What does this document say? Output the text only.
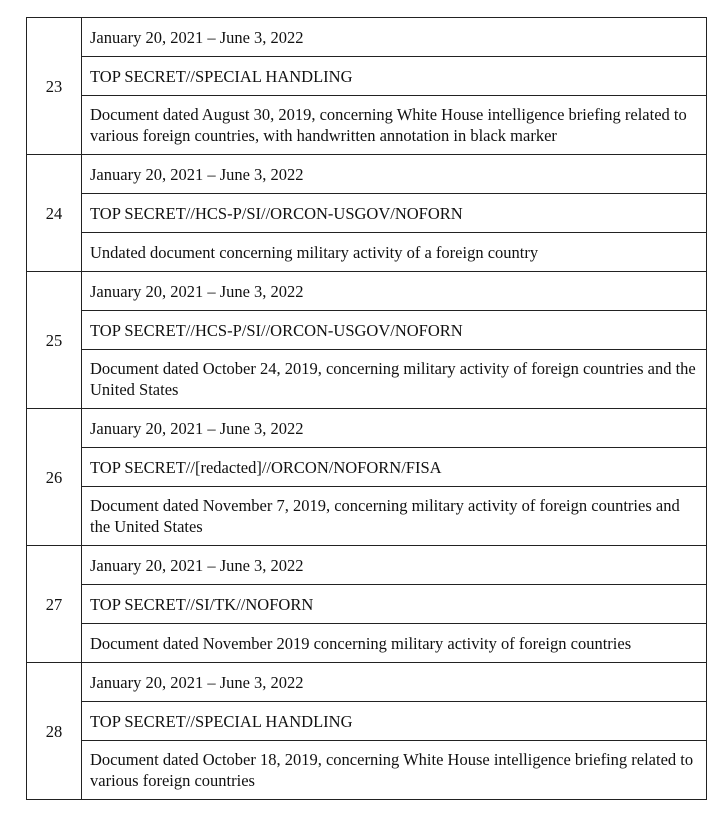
23	January 20, 2021 – June 3, 2022
	TOP SECRET//SPECIAL HANDLING
	Document dated August 30, 2019, concerning White House intelligence briefing related to various foreign countries, with handwritten annotation in black marker
24	January 20, 2021 – June 3, 2022
	TOP SECRET//HCS-P/SI//ORCON-USGOV/NOFORN
	Undated document concerning military activity of a foreign country
25	January 20, 2021 – June 3, 2022
	TOP SECRET//HCS-P/SI//ORCON-USGOV/NOFORN
	Document dated October 24, 2019, concerning military activity of foreign countries and the United States
26	January 20, 2021 – June 3, 2022
	TOP SECRET//[redacted]//ORCON/NOFORN/FISA
	Document dated November 7, 2019, concerning military activity of foreign countries and the United States
27	January 20, 2021 – June 3, 2022
	TOP SECRET//SI/TK//NOFORN
	Document dated November 2019 concerning military activity of foreign countries
28	January 20, 2021 – June 3, 2022
	TOP SECRET//SPECIAL HANDLING
	Document dated October 18, 2019, concerning White House intelligence briefing related to various foreign countries
